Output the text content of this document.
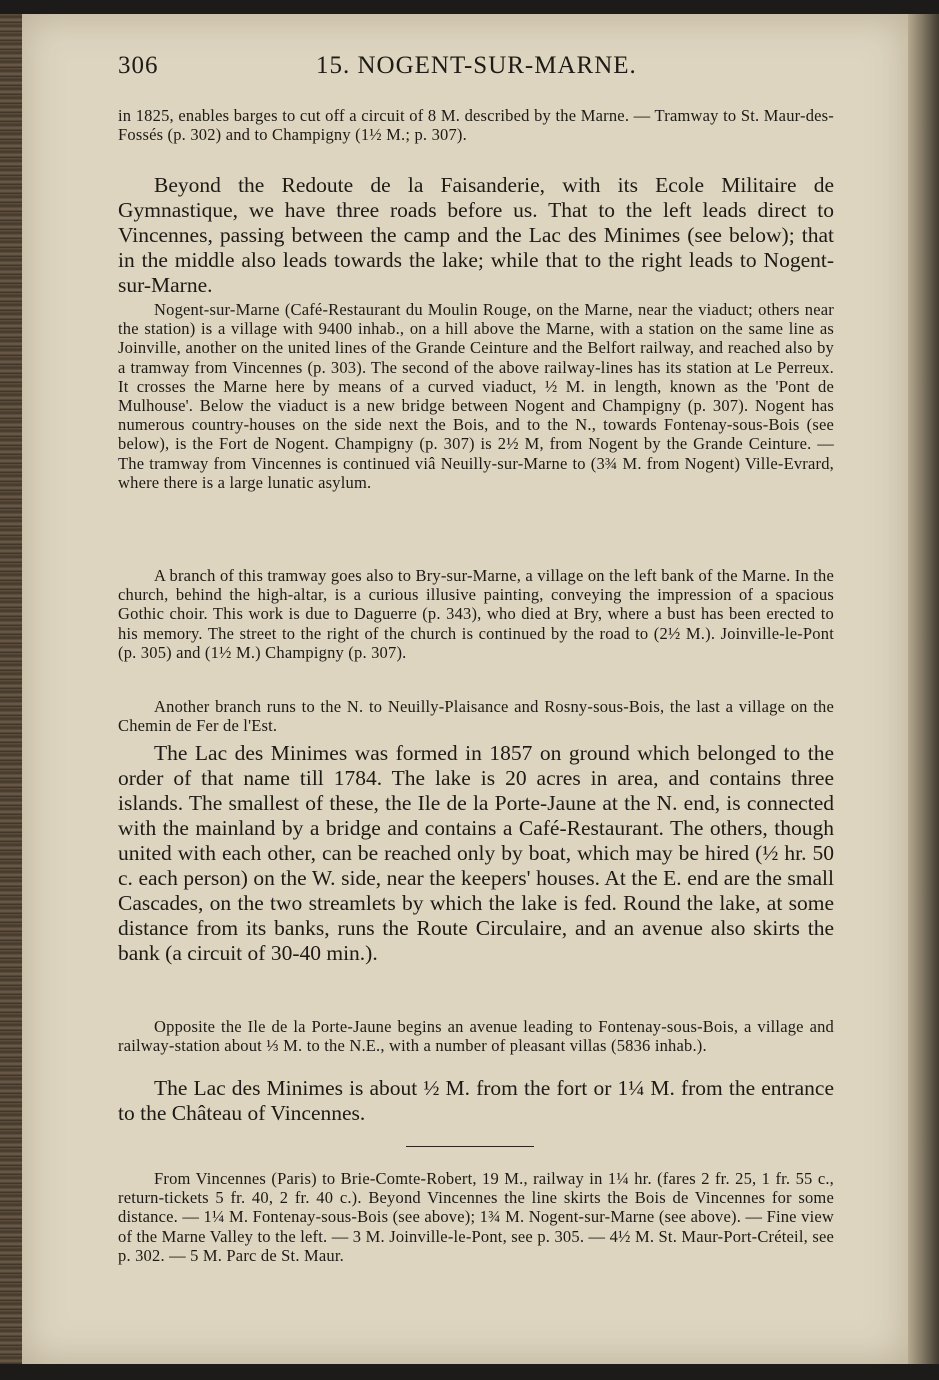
306	15. NOGENT-SUR-MARNE.

in 1825, enables barges to cut off a circuit of 8 M. described by the Marne. — Tramway to St. Maur-des-Fossés (p. 302) and to Champigny (1½ M.; p. 307).

Beyond the Redoute de la Faisanderie, with its Ecole Militaire de Gymnastique, we have three roads before us. That to the left leads direct to Vincennes, passing between the camp and the Lac des Minimes (see below); that in the middle also leads towards the lake; while that to the right leads to Nogent-sur-Marne.

Nogent-sur-Marne (Café-Restaurant du Moulin Rouge, on the Marne, near the viaduct; others near the station) is a village with 9400 inhab., on a hill above the Marne, with a station on the same line as Joinville, another on the united lines of the Grande Ceinture and the Belfort railway, and reached also by a tramway from Vincennes (p. 303). The second of the above railway-lines has its station at Le Perreux. It crosses the Marne here by means of a curved viaduct, ½ M. in length, known as the 'Pont de Mulhouse'. Below the viaduct is a new bridge between Nogent and Champigny (p. 307). Nogent has numerous country-houses on the side next the Bois, and to the N., towards Fontenay-sous-Bois (see below), is the Fort de Nogent. Champigny (p. 307) is 2½ M, from Nogent by the Grande Ceinture. — The tramway from Vincennes is continued viâ Neuilly-sur-Marne to (3¾ M. from Nogent) Ville-Evrard, where there is a large lunatic asylum.

A branch of this tramway goes also to Bry-sur-Marne, a village on the left bank of the Marne. In the church, behind the high-altar, is a curious illusive painting, conveying the impression of a spacious Gothic choir. This work is due to Daguerre (p. 343), who died at Bry, where a bust has been erected to his memory. The street to the right of the church is continued by the road to (2½ M.). Joinville-le-Pont (p. 305) and (1½ M.) Champigny (p. 307).

Another branch runs to the N. to Neuilly-Plaisance and Rosny-sous-Bois, the last a village on the Chemin de Fer de l'Est.

The Lac des Minimes was formed in 1857 on ground which belonged to the order of that name till 1784. The lake is 20 acres in area, and contains three islands. The smallest of these, the Ile de la Porte-Jaune at the N. end, is connected with the mainland by a bridge and contains a Café-Restaurant. The others, though united with each other, can be reached only by boat, which may be hired (½ hr. 50 c. each person) on the W. side, near the keepers' houses. At the E. end are the small Cascades, on the two streamlets by which the lake is fed. Round the lake, at some distance from its banks, runs the Route Circulaire, and an avenue also skirts the bank (a circuit of 30-40 min.).

Opposite the Ile de la Porte-Jaune begins an avenue leading to Fontenay-sous-Bois, a village and railway-station about ⅓ M. to the N.E., with a number of pleasant villas (5836 inhab.).

The Lac des Minimes is about ½ M. from the fort or 1¼ M. from the entrance to the Château of Vincennes.

From Vincennes (Paris) to Brie-Comte-Robert, 19 M., railway in 1¼ hr. (fares 2 fr. 25, 1 fr. 55 c., return-tickets 5 fr. 40, 2 fr. 40 c.). Beyond Vincennes the line skirts the Bois de Vincennes for some distance. — 1¼ M. Fontenay-sous-Bois (see above); 1¾ M. Nogent-sur-Marne (see above). — Fine view of the Marne Valley to the left. — 3 M. Joinville-le-Pont, see p. 305. — 4½ M. St. Maur-Port-Créteil, see p. 302. — 5 M. Parc de St. Maur.
